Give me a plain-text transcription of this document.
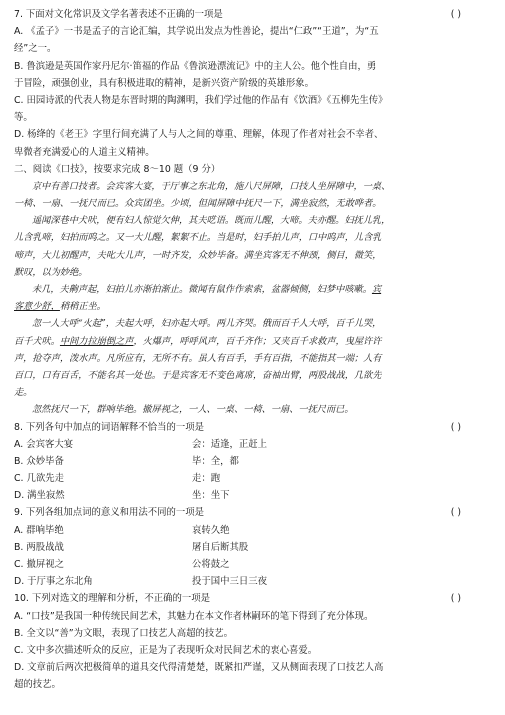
7. 下面对文化常识及文学名著表述不正确的一项是	( )
A. 《孟子》一书是孟子的言论汇编，其学说出发点为性善论，提出“仁政”“王道”，为“五
经”之一。
B. 鲁滨逊是英国作家丹尼尔·笛福的作品《鲁滨逊漂流记》中的主人公。他个性自由，勇
于冒险，顽强创业，具有积极进取的精神，是新兴资产阶级的英雄形象。
C. 田园诗派的代表人物是东晋时期的陶渊明，我们学过他的作品有《饮酒》《五柳先生传》
等。
D. 杨绛的《老王》字里行间充满了人与人之间的尊重、理解，体现了作者对社会不幸者、
卑微者充满爱心的人道主义精神。
二、阅读《口技》，按要求完成 8～10 题（9 分）
京中有善口技者。会宾客大宴，于厅事之东北角，施八尺屏障，口技人坐屏障中，一桌、
一椅、一扇、一抚尺而已。众宾团坐。少顷，但闻屏障中抚尺一下，满坐寂然，无敢哗者。
遥闻深巷中犬吠，便有妇人惊觉欠伸，其夫呓语。既而儿醒，大啼。夫亦醒。妇抚儿乳，
儿含乳啼，妇拍而呜之。又一大儿醒，絮絮不止。当是时，妇手拍儿声，口中呜声，儿含乳
啼声，大儿初醒声，夫叱大儿声，一时齐发，众妙毕备。满坐宾客无不伸颈，侧目，微笑，
默叹，以为妙绝。
未几，夫齁声起，妇拍儿亦渐拍渐止。微闻有鼠作作索索，盆器倾侧，妇梦中咳嗽。宾
客意少舒，稍稍正坐。
忽一人大呼“火起”，夫起大呼，妇亦起大呼。两儿齐哭。俄而百千人大呼，百千儿哭，
百千犬吠。中间力拉崩倒之声，火爆声，呼呼风声，百千齐作；又夹百千求救声，曳屋许许
声，抢夺声，泼水声。凡所应有，无所不有。虽人有百手，手有百指，不能指其一端；人有
百口，口有百舌，不能名其一处也。于是宾客无不变色离席，奋袖出臂，两股战战，几欲先
走。
忽然抚尺一下，群响毕绝。撤屏视之，一人、一桌、一椅、一扇、一抚尺而已。
8. 下列各句中加点的词语解释不恰当的一项是	( )
A. 会宾客大宴	会：适逢，正赶上
B. 众妙毕备	毕：全，都
C. 几欲先走	走：跑
D. 满坐寂然	坐：坐下
9. 下列各组加点词的意义和用法不同的一项是	( )
A. 群响毕绝	哀转久绝
B. 两股战战	屠自后断其股
C. 撤屏视之	公将鼓之
D. 于厅事之东北角	投于国中三日三夜
10. 下列对选文的理解和分析，不正确的一项是	( )
A. “口技”是我国一种传统民间艺术，其魅力在本文作者林嗣环的笔下得到了充分体现。
B. 全文以“善”为文眼，表现了口技艺人高超的技艺。
C. 文中多次描述听众的反应，正是为了表现听众对民间艺术的衷心喜爱。
D. 文章前后两次把极简单的道具交代得清楚楚，既紧扣严谨，又从侧面表现了口技艺人高
超的技艺。
